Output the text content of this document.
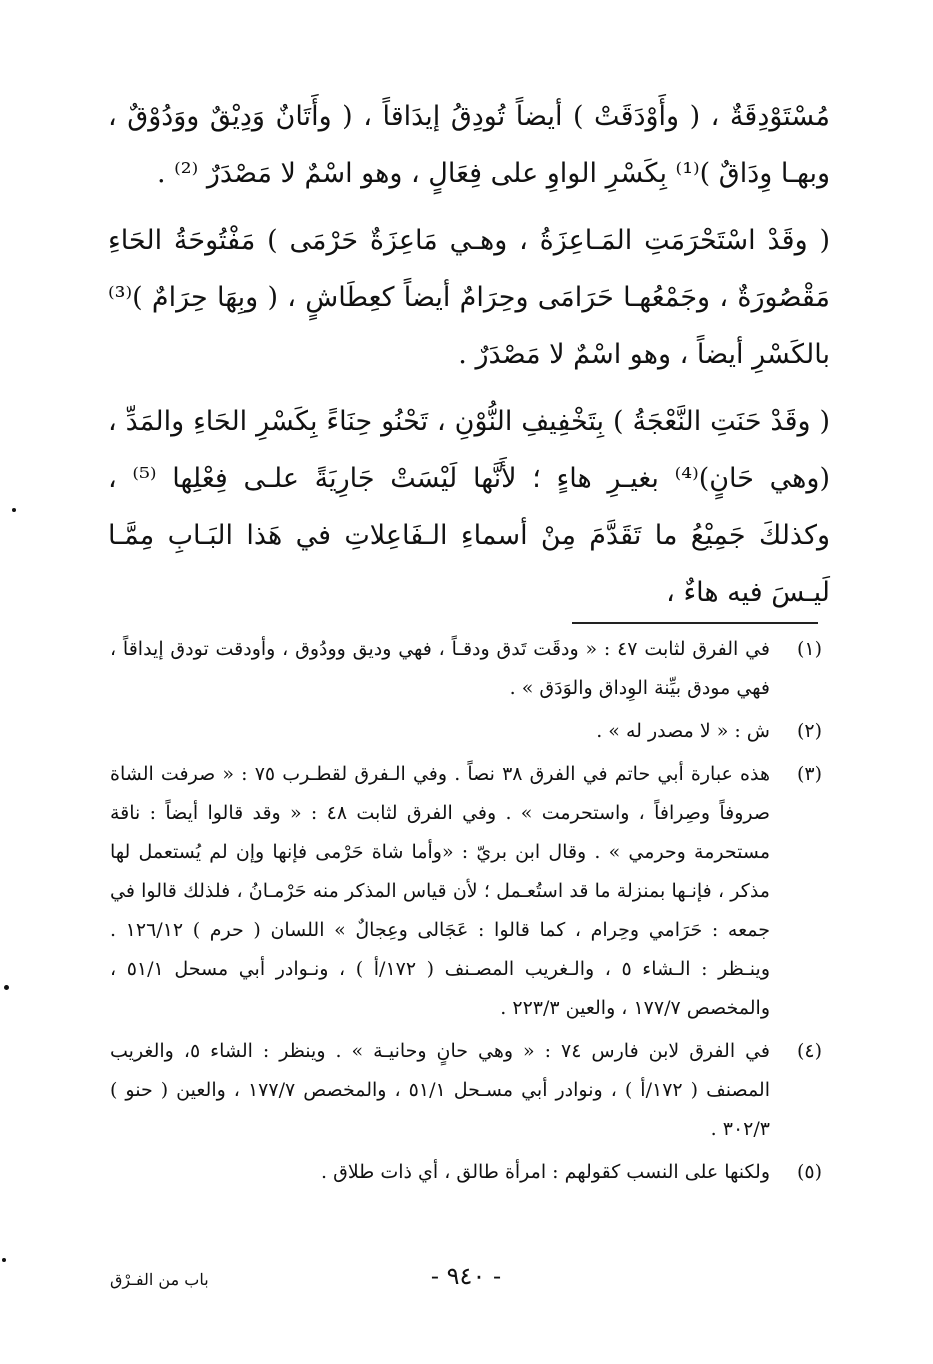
مُسْتَوْدِقَةٌ ، ( وأَوْدَقَتْ ) أيضاً تُودِقُ إيدَاقاً ، ( وأَتَانٌ وَدِيْقٌ ووَدُوْقٌ ، وبهـا وِدَاقٌ )⁽¹⁾ بِكَسْرِ الواوِ على فِعَالٍ ، وهو اسْمٌ لا مَصْدَرٌ ⁽²⁾ .

( وقَدْ اسْتَحْرَمَتِ المَـاعِزَةُ ، وهـي مَاعِزَةٌ حَرْمَى ) مَفْتُوحَةُ الحَاءِ مَقْصُورَةٌ ، وجَمْعُهـا حَرَامَى وحِرَامٌ أيضاً كعِطَاشٍ ، ( وبِهَا حِرَامٌ )⁽³⁾ بالكَسْرِ أيضاً ، وهو اسْمٌ لا مَصْدَرٌ .

( وقَدْ حَنَتِ النَّعْجَةُ ) بِتَخْفِيفِ النُّوْنِ ، تَحْنُو حِنَاءً بِكَسْرِ الحَاءِ والمَدِّ ، (وهي حَانٍ)⁽⁴⁾ بغيـرِ هاءٍ ؛ لأَنَّها لَيْسَتْ جَارِيَةً علـى فِعْلِها ⁽⁵⁾ ، وكذلكَ جَمِيْعُ ما تَقَدَّمَ مِنْ أسماءِ الـفَاعِلاتِ في هَذا البَـابِ مِمَّـا لَيـسَ فيه هاءٌ ،

(١)
في الفرق لثابت ٤٧ : « ودقَت تَدق ودقـاً ، فهي وديق وودُوق ، وأودقت تودق إيداقاً ، فهي مودق بيِّنة الوِداق والوَدَق » .
(٢)
ش : « لا مصدر له » .
(٣)
هذه عبارة أبي حاتم في الفرق ٣٨ نصاً . وفي الـفرق لقطـرب ٧٥ : « صرفت الشاة صروفاً وصِرافاً ، واستحرمت » . وفي الفرق لثابت ٤٨ : « وقد قالوا أيضاً : ناقة مستحرمة وحرمي » . وقال ابن بريّ : «وأما شاة حَرْمى فإنها وإن لم يُستعمل لها مذكر ، فإنـها بمنزلة ما قد استُعـمل ؛ لأن قياس المذكر منه حَرْمـانُ ، فلذلك قالوا في جمعه : حَرَامي وحِرام ، كما قالوا : عَجَالى وعِجالٌ » اللسان ( حرم ) ١٢٦/١٢ . وينـظر : الـشاء ٥ ، والـغريب المصـنف ( ١٧٢/أ ) ، ونـوادر أبي مسحل ٥١/١ ، والمخصص ١٧٧/٧ ، والعين ٢٢٣/٣ .
(٤)
في الفرق لابن فارس ٧٤ : « وهي حانٍ وحانيـة » . وينظر : الشاء ٥، والغريب المصنف ( ١٧٢/أ ) ، ونوادر أبي مسـحل ٥١/١ ، والمخصص ١٧٧/٧ ، والعين ( حنو ) ٣٠٢/٣ .
(٥)
ولكنها على النسب كقولهم : امرأة طالق ، أي ذات طلاق .
- ٩٤٠ -
باب من الفـرْق
